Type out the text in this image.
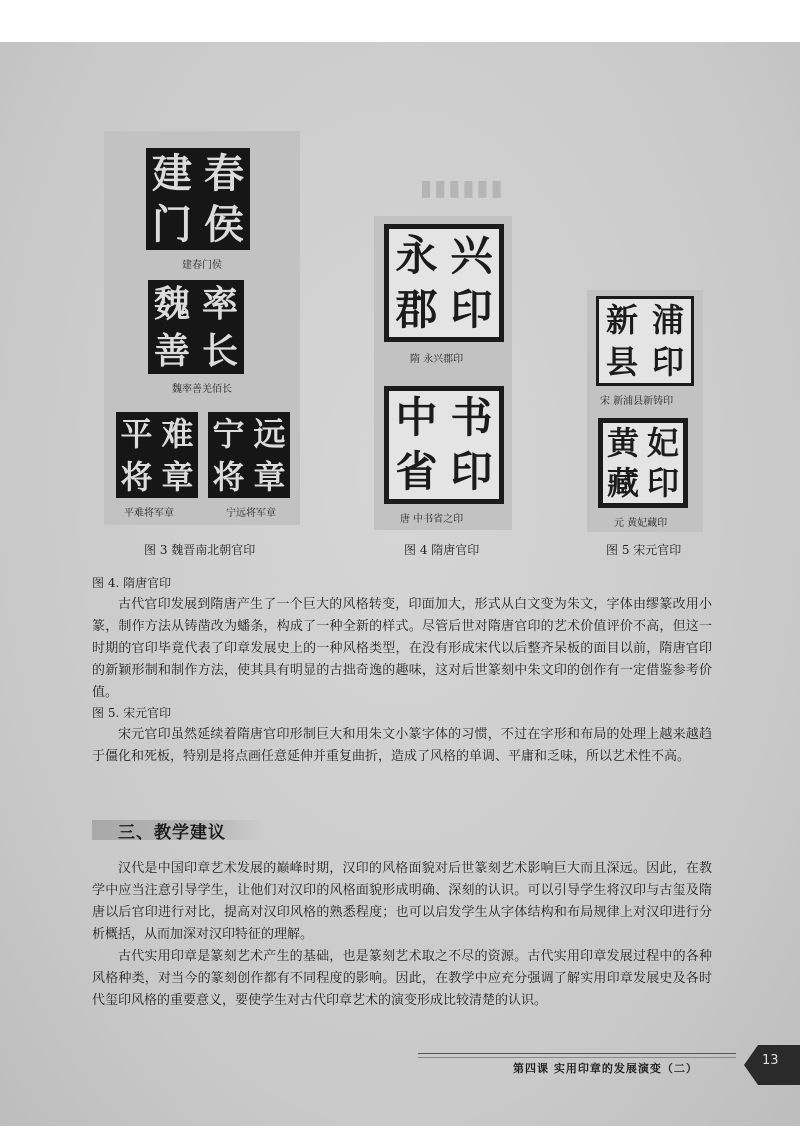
建 春
门 侯
建春门侯
魏 率
善 长
魏率善羌佰长
平 难
将 章
平难将军章
宁 远
将 章
宁远将军章
▮▮▮▮▮▮
永 兴
郡 印
隋 永兴郡印
中 书
省 印
唐 中书省之印
新 浦
县 印
宋 新浦县新铸印
黄 妃
藏 印
元 黄妃藏印
图 3 魏晋南北朝官印	图 4 隋唐官印	图 5 宋元官印
图 4. 隋唐官印

古代官印发展到隋唐产生了一个巨大的风格转变，印面加大，形式从白文变为朱文，字体由缪篆改用小篆，制作方法从铸凿改为蟠条，构成了一种全新的样式。尽管后世对隋唐官印的艺术价值评价不高，但这一时期的官印毕竟代表了印章发展史上的一种风格类型，在没有形成宋代以后整齐呆板的面目以前，隋唐官印的新颖形制和制作方法，使其具有明显的古拙奇逸的趣味，这对后世篆刻中朱文印的创作有一定借鉴参考价值。

图 5. 宋元官印

宋元官印虽然延续着隋唐官印形制巨大和用朱文小篆字体的习惯，不过在字形和布局的处理上越来越趋于僵化和死板，特别是将点画任意延伸并重复曲折，造成了风格的单调、平庸和乏味，所以艺术性不高。

三、教学建议

汉代是中国印章艺术发展的巅峰时期，汉印的风格面貌对后世篆刻艺术影响巨大而且深远。因此，在教学中应当注意引导学生，让他们对汉印的风格面貌形成明确、深刻的认识。可以引导学生将汉印与古玺及隋唐以后官印进行对比，提高对汉印风格的熟悉程度；也可以启发学生从字体结构和布局规律上对汉印进行分析概括，从而加深对汉印特征的理解。

古代实用印章是篆刻艺术产生的基础，也是篆刻艺术取之不尽的资源。古代实用印章发展过程中的各种风格种类，对当今的篆刻创作都有不同程度的影响。因此，在教学中应充分强调了解实用印章发展史及各时代玺印风格的重要意义，要使学生对古代印章艺术的演变形成比较清楚的认识。

第四课 实用印章的发展演变（二）
13
